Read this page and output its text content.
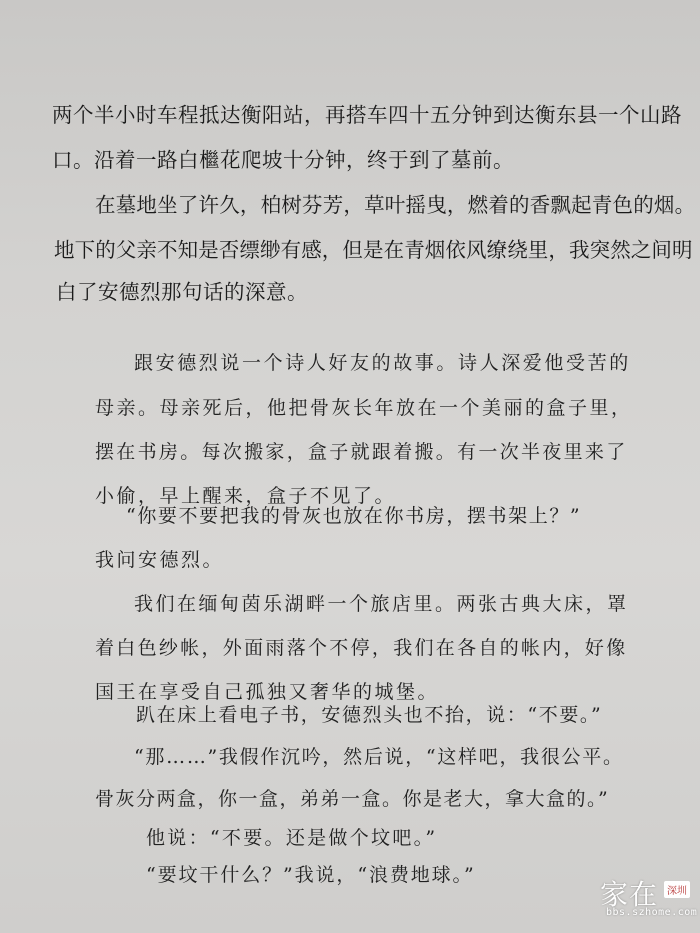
两个半小时车程抵达衡阳站，再搭车四十五分钟到达衡东县一个山路
口。沿着一路白檵花爬坡十分钟，终于到了墓前。
在墓地坐了许久，柏树芬芳，草叶摇曳，燃着的香飘起青色的烟。
地下的父亲不知是否缥缈有感，但是在青烟依风缭绕里，我突然之间明
白了安德烈那句话的深意。
跟安德烈说一个诗人好友的故事。诗人深爱他受苦的
母亲。母亲死后，他把骨灰长年放在一个美丽的盒子里，
摆在书房。每次搬家，盒子就跟着搬。有一次半夜里来了
小偷，早上醒来，盒子不见了。
“你要不要把我的骨灰也放在你书房，摆书架上？”
我问安德烈。
我们在缅甸茵乐湖畔一个旅店里。两张古典大床，罩
着白色纱帐，外面雨落个不停，我们在各自的帐内，好像
国王在享受自己孤独又奢华的城堡。
趴在床上看电子书，安德烈头也不抬，说：“不要。”
“那……”我假作沉吟，然后说，“这样吧，我很公平。
骨灰分两盒，你一盒，弟弟一盒。你是老大，拿大盒的。”
他说：“不要。还是做个坟吧。”
“要坟干什么？”我说，“浪费地球。”
家在 深圳
bbs.szhome.com
